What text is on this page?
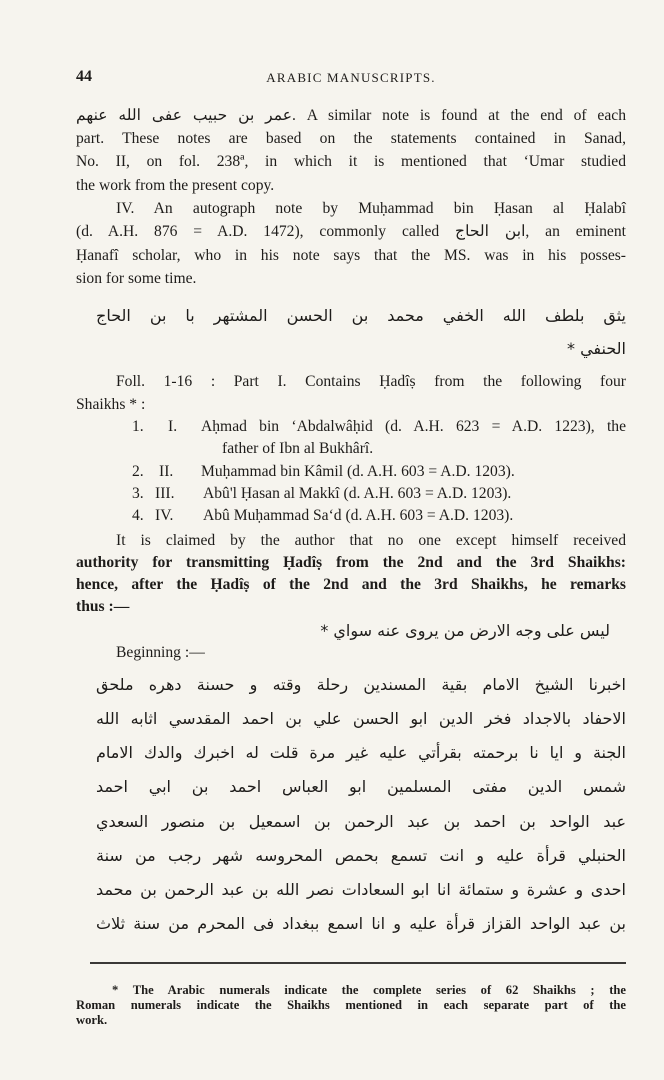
44	ARABIC MANUSCRIPTS.
عمر بن حبيب عفى الله عنهم. A similar note is found at the end of each
part. These notes are based on the statements contained in Sanad,
No. II, on fol. 238ª, in which it is mentioned that ‘Umar studied
the work from the present copy.
IV. An autograph note by Muḥammad bin Ḥasan al Ḥalabî
(d. A.H. 876 = A.D. 1472), commonly called ابن الحاج, an eminent
Ḥanafî scholar, who in his note says that the MS. was in his posses-
sion for some time.
يثق بلطف الله الخفي محمد بن الحسن المشتهر با بن الحاج
الحنفي *
Foll. 1-16 : Part I. Contains Ḥadîṣ from the following four
Shaikhs * :
1. I. Aḥmad bin ‘Abdalwâḥid (d. A.H. 623 = A.D. 1223), the
father of Ibn al Bukhârî.
2. II. Muḥammad bin Kâmil (d. A.H. 603 = A.D. 1203).
3. III. Abû'l Ḥasan al Makkî (d. A.H. 603 = A.D. 1203).
4. IV. Abû Muḥammad Sa‘d (d. A.H. 603 = A.D. 1203).
It is claimed by the author that no one except himself received
authority for transmitting Ḥadîṣ from the 2nd and the 3rd Shaikhs:
hence, after the Ḥadîṣ of the 2nd and the 3rd Shaikhs, he remarks
thus :—
ليس على وجه الارض من يروى عنه سواي *
Beginning :—
اخبرنا الشيخ الامام بقية المسندين رحلة وقته و حسنة دهره ملحق
الاحفاد بالاجداد فخر الدين ابو الحسن علي بن احمد المقدسي اثابه الله
الجنة و ايا نا برحمته بقرأتي عليه غير مرة قلت له اخبرك والدك الامام
شمس الدين مفتى المسلمين ابو العباس احمد بن ابي احمد
عبد الواحد بن احمد بن عبد الرحمن بن اسمعيل بن منصور السعدي
الحنبلي قرأة عليه و انت تسمع بحمص المحروسه شهر رجب من سنة
احدى و عشرة و ستمائة انا ابو السعادات نصر الله بن عبد الرحمن بن محمد
بن عبد الواحد القزاز قرأة عليه و انا اسمع ببغداد فى المحرم من سنة ثلاث
* The Arabic numerals indicate the complete series of 62 Shaikhs ; the
Roman numerals indicate the Shaikhs mentioned in each separate part of the
work.
